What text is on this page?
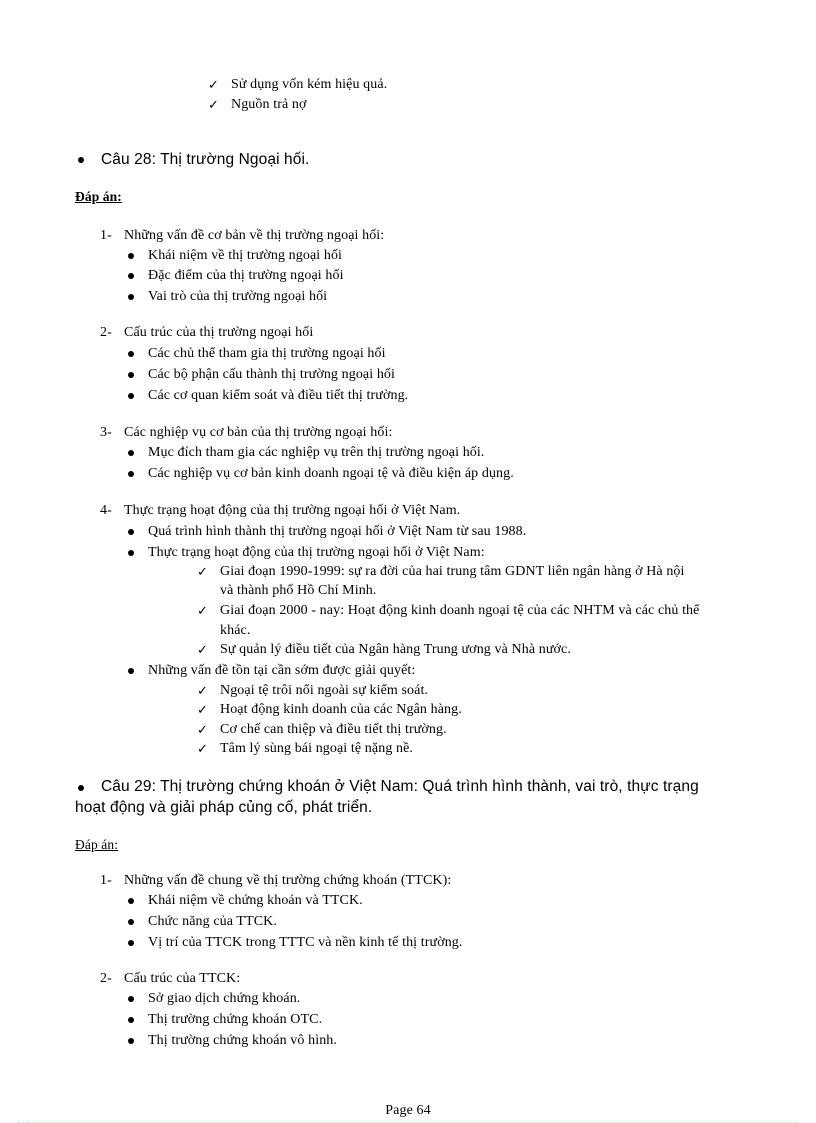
✓ Sử dụng vốn kém hiệu quả.
✓ Nguồn trả nợ
Câu 28: Thị trường Ngoại hối.
Đáp án:
1- Những vấn đề cơ bản về thị trường ngoại hối:
Khái niệm về thị trường ngoại hối
Đặc điểm của thị trường ngoại hối
Vai trò của thị trường ngoại hối
2- Cấu trúc của thị trường ngoại hối
Các chủ thể tham gia thị trường ngoại hối
Các bộ phận cấu thành thị trường ngoại hối
Các cơ quan kiểm soát và điều tiết thị trường.
3- Các nghiệp vụ cơ bản của thị trường ngoại hối:
Mục đích tham gia các nghiệp vụ trên thị trường ngoại hối.
Các nghiệp vụ cơ bản kinh doanh ngoại tệ và điều kiện áp dụng.
4- Thực trạng hoạt động của thị trường ngoại hối ở Việt Nam.
Quá trình hình thành thị trường ngoại hối ở Việt Nam từ sau 1988.
Thực trạng hoạt động của thị trường ngoại hối ở Việt Nam:
✓ Giai đoạn 1990-1999: sự ra đời của hai trung tâm GDNT liên ngân hàng ở Hà nội
và thành phố Hồ Chí Minh.
✓ Giai đoạn 2000 - nay: Hoạt động kinh doanh ngoại tệ của các NHTM và các chủ thể
khác.
✓ Sự quản lý điều tiết của Ngân hàng Trung ương và Nhà nước.
Những vấn đề tồn tại cần sớm được giải quyết:
✓ Ngoại tệ trôi nổi ngoài sự kiểm soát.
✓ Hoạt động kinh doanh của các Ngân hàng.
✓ Cơ chế can thiệp và điều tiết thị trường.
✓ Tâm lý sùng bái ngoại tệ nặng nề.
Câu 29: Thị trường chứng khoán ở Việt Nam: Quá trình hình thành, vai trò, thực trạng
hoạt động và giải pháp củng cố, phát triển.
Đáp án:
1- Những vấn đề chung về thị trường chứng khoán (TTCK):
Khái niệm về chứng khoán và TTCK.
Chức năng của TTCK.
Vị trí của TTCK trong TTTC và nền kinh tế thị trường.
2- Cấu trúc của TTCK:
Sở giao dịch chứng khoán.
Thị trường chứng khoán OTC.
Thị trường chứng khoán vô hình.
Page 64
